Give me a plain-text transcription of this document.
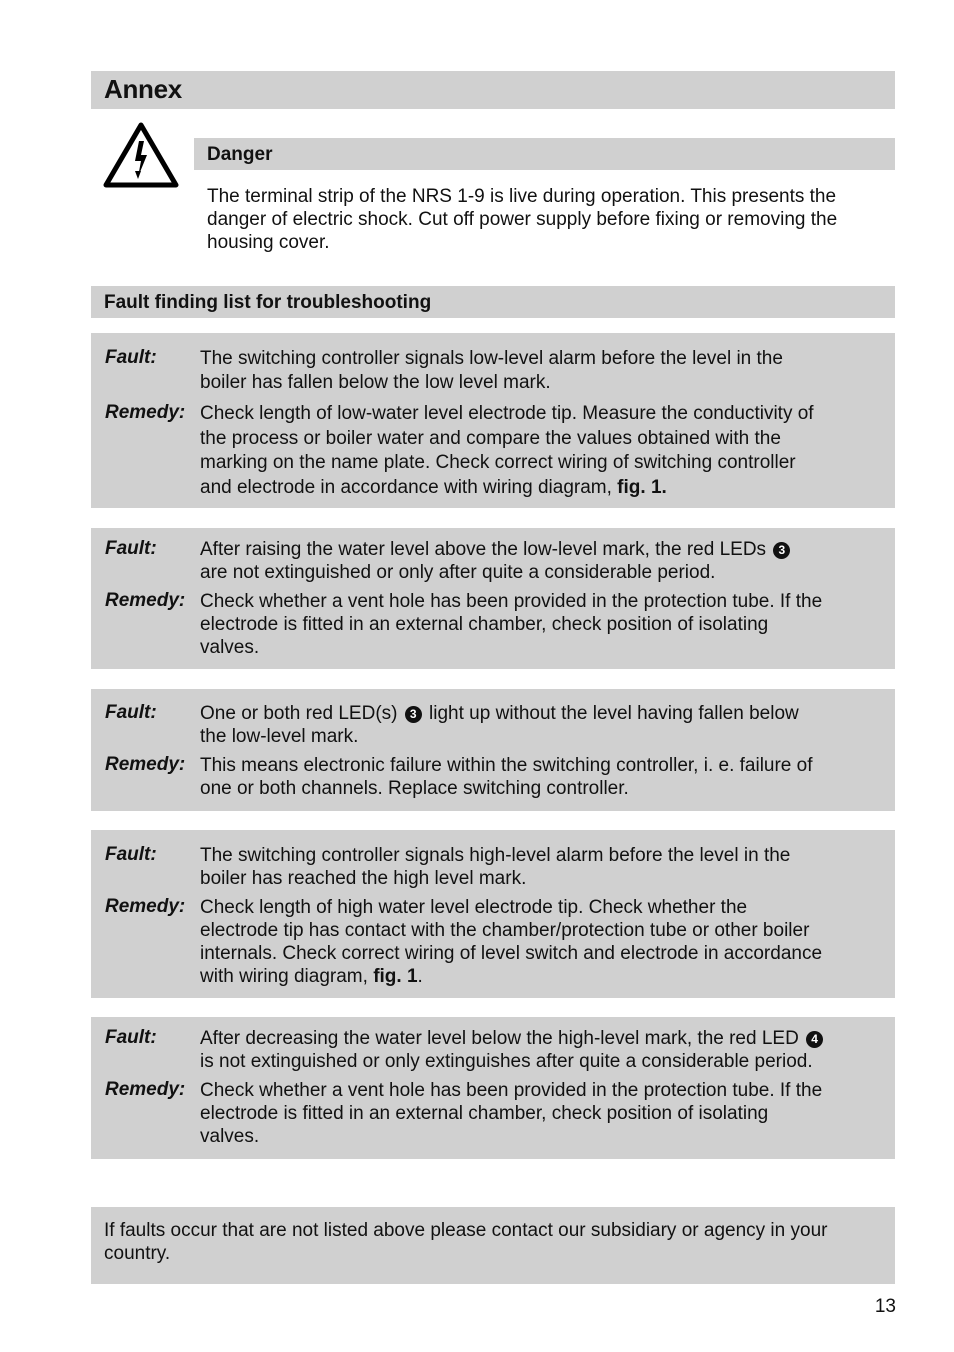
Annex
Danger

The terminal strip of the NRS 1-9 is live during operation. This presents the danger of electric shock. Cut off power supply before fixing or removing the housing cover.

Fault finding list for troubleshooting
Fault: The switching controller signals low-level alarm before the level in the
boiler has fallen below the low level mark.
Remedy: Check length of low-water level electrode tip. Measure the conductivity of
the process or boiler water and compare the values obtained with the
marking on the name plate. Check correct wiring of switching controller
and electrode in accordance with wiring diagram, fig. 1.
Fault: After raising the water level above the low-level mark, the red LEDs 3
are not extinguished or only after quite a considerable period.
Remedy: Check whether a vent hole has been provided in the protection tube. If the
electrode is fitted in an external chamber, check position of isolating
valves.
Fault: One or both red LED(s) 3 light up without the level having fallen below
the low-level mark.
Remedy: This means electronic failure within the switching controller, i. e. failure of
one or both channels. Replace switching controller.
Fault: The switching controller signals high-level alarm before the level in the
boiler has reached the high level mark.
Remedy: Check length of high water level electrode tip. Check whether the
electrode tip has contact with the chamber/protection tube or other boiler
internals. Check correct wiring of level switch and electrode in accordance
with wiring diagram, fig. 1.
Fault: After decreasing the water level below the high-level mark, the red LED 4
is not extinguished or only extinguishes after quite a considerable period.
Remedy: Check whether a vent hole has been provided in the protection tube. If the
electrode is fitted in an external chamber, check position of isolating
valves.
If faults occur that are not listed above please contact our subsidiary or agency in your country.
13
